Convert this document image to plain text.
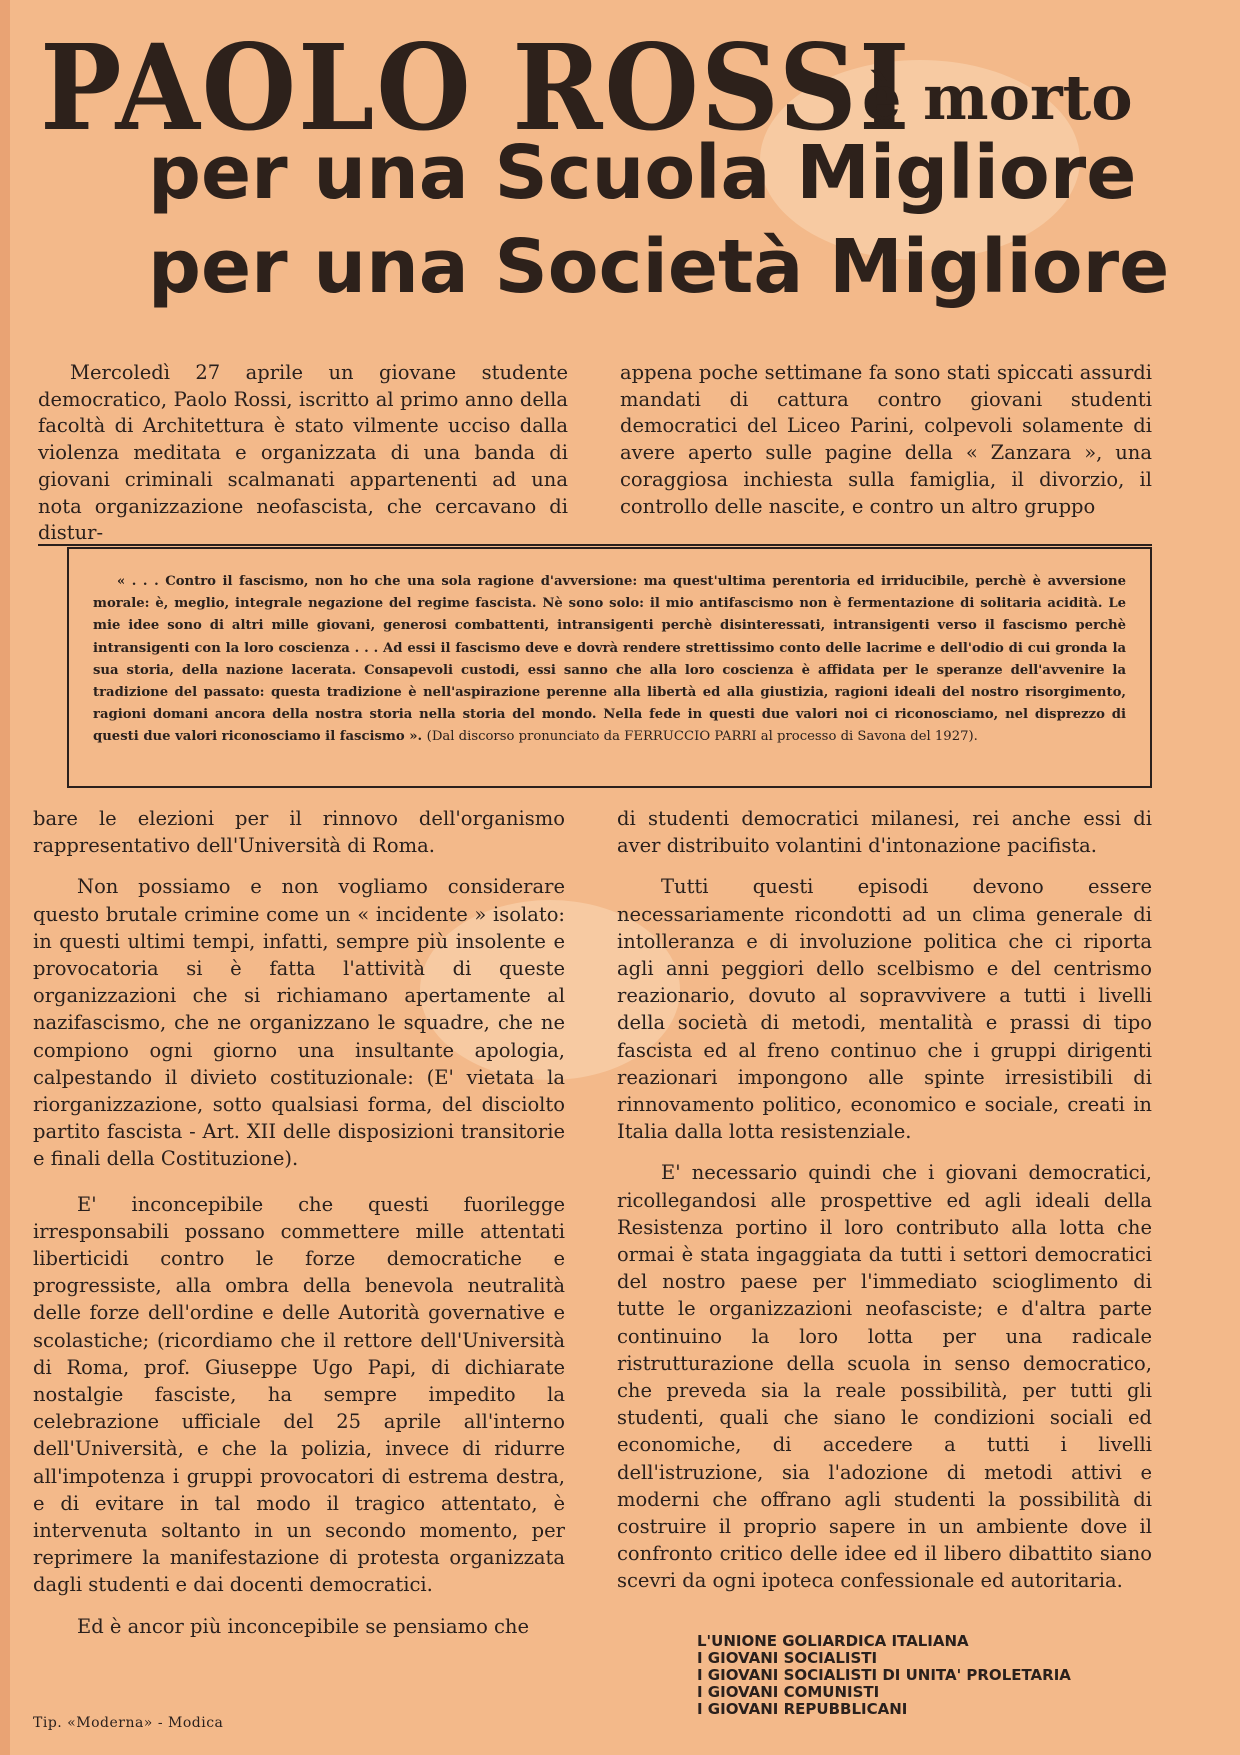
PAOLO ROSSI
è morto
per una Scuola Migliore
per una Società Migliore
Mercoledì 27 aprile un giovane studente democratico, Paolo Rossi, iscritto al primo anno della facoltà di Architettura è stato vilmente ucciso dalla violenza meditata e organizzata di una banda di giovani criminali scalmanati appartenenti ad una nota organizzazione neofascista, che cercavano di distur-
appena poche settimane fa sono stati spiccati assurdi mandati di cattura contro giovani studenti democratici del Liceo Parini, colpevoli solamente di avere aperto sulle pagine della « Zanzara », una coraggiosa inchiesta sulla famiglia, il divorzio, il controllo delle nascite, e contro un altro gruppo
« . . . Contro il fascismo, non ho che una sola ragione d'avversione: ma quest'ultima perentoria ed irriducibile, perchè è avversione morale: è, meglio, integrale negazione del regime fascista. Nè sono solo: il mio antifascismo non è fermentazione di solitaria acidità. Le mie idee sono di altri mille giovani, generosi combattenti, intransigenti perchè disinteressati, intransigenti verso il fascismo perchè intransigenti con la loro coscienza . . . Ad essi il fascismo deve e dovrà rendere strettissimo conto delle lacrime e dell'odio di cui gronda la sua storia, della nazione lacerata. Consapevoli custodi, essi sanno che alla loro coscienza è affidata per le speranze dell'avvenire la tradizione del passato: questa tradizione è nell'aspirazione perenne alla libertà ed alla giustizia, ragioni ideali del nostro risorgimento, ragioni domani ancora della nostra storia nella storia del mondo. Nella fede in questi due valori noi ci riconosciamo, nel disprezzo di questi due valori riconosciamo il fascismo ». (Dal discorso pronunciato da FERRUCCIO PARRI al processo di Savona del 1927).

bare le elezioni per il rinnovo dell'organismo rappresentativo dell'Università di Roma.

Non possiamo e non vogliamo considerare questo brutale crimine come un « incidente » isolato: in questi ultimi tempi, infatti, sempre più insolente e provocatoria si è fatta l'attività di queste organizzazioni che si richiamano apertamente al nazifascismo, che ne organizzano le squadre, che ne compiono ogni giorno una insultante apologia, calpestando il divieto costituzionale: (E' vietata la riorganizzazione, sotto qualsiasi forma, del disciolto partito fascista - Art. XII delle disposizioni transitorie e finali della Costituzione).

E' inconcepibile che questi fuorilegge irresponsabili possano commettere mille attentati liberticidi contro le forze democratiche e progressiste, alla ombra della benevola neutralità delle forze dell'ordine e delle Autorità governative e scolastiche; (ricordiamo che il rettore dell'Università di Roma, prof. Giuseppe Ugo Papi, di dichiarate nostalgie fasciste, ha sempre impedito la celebrazione ufficiale del 25 aprile all'interno dell'Università, e che la polizia, invece di ridurre all'impotenza i gruppi provocatori di estrema destra, e di evitare in tal modo il tragico attentato, è intervenuta soltanto in un secondo momento, per reprimere la manifestazione di protesta organizzata dagli studenti e dai docenti democratici.

Ed è ancor più inconcepibile se pensiamo che

di studenti democratici milanesi, rei anche essi di aver distribuito volantini d'intonazione pacifista.

Tutti questi episodi devono essere necessariamente ricondotti ad un clima generale di intolleranza e di involuzione politica che ci riporta agli anni peggiori dello scelbismo e del centrismo reazionario, dovuto al sopravvivere a tutti i livelli della società di metodi, mentalità e prassi di tipo fascista ed al freno continuo che i gruppi dirigenti reazionari impongono alle spinte irresistibili di rinnovamento politico, economico e sociale, creati in Italia dalla lotta resistenziale.

E' necessario quindi che i giovani democratici, ricollegandosi alle prospettive ed agli ideali della Resistenza portino il loro contributo alla lotta che ormai è stata ingaggiata da tutti i settori democratici del nostro paese per l'immediato scioglimento di tutte le organizzazioni neofasciste; e d'altra parte continuino la loro lotta per una radicale ristrutturazione della scuola in senso democratico, che preveda sia la reale possibilità, per tutti gli studenti, quali che siano le condizioni sociali ed economiche, di accedere a tutti i livelli dell'istruzione, sia l'adozione di metodi attivi e moderni che offrano agli studenti la possibilità di costruire il proprio sapere in un ambiente dove il confronto critico delle idee ed il libero dibattito siano scevri da ogni ipoteca confessionale ed autoritaria.

L'UNIONE GOLIARDICA ITALIANA
I GIOVANI SOCIALISTI
I GIOVANI SOCIALISTI DI UNITA' PROLETARIA
I GIOVANI COMUNISTI
I GIOVANI REPUBBLICANI
Tip. «Moderna» - Modica
